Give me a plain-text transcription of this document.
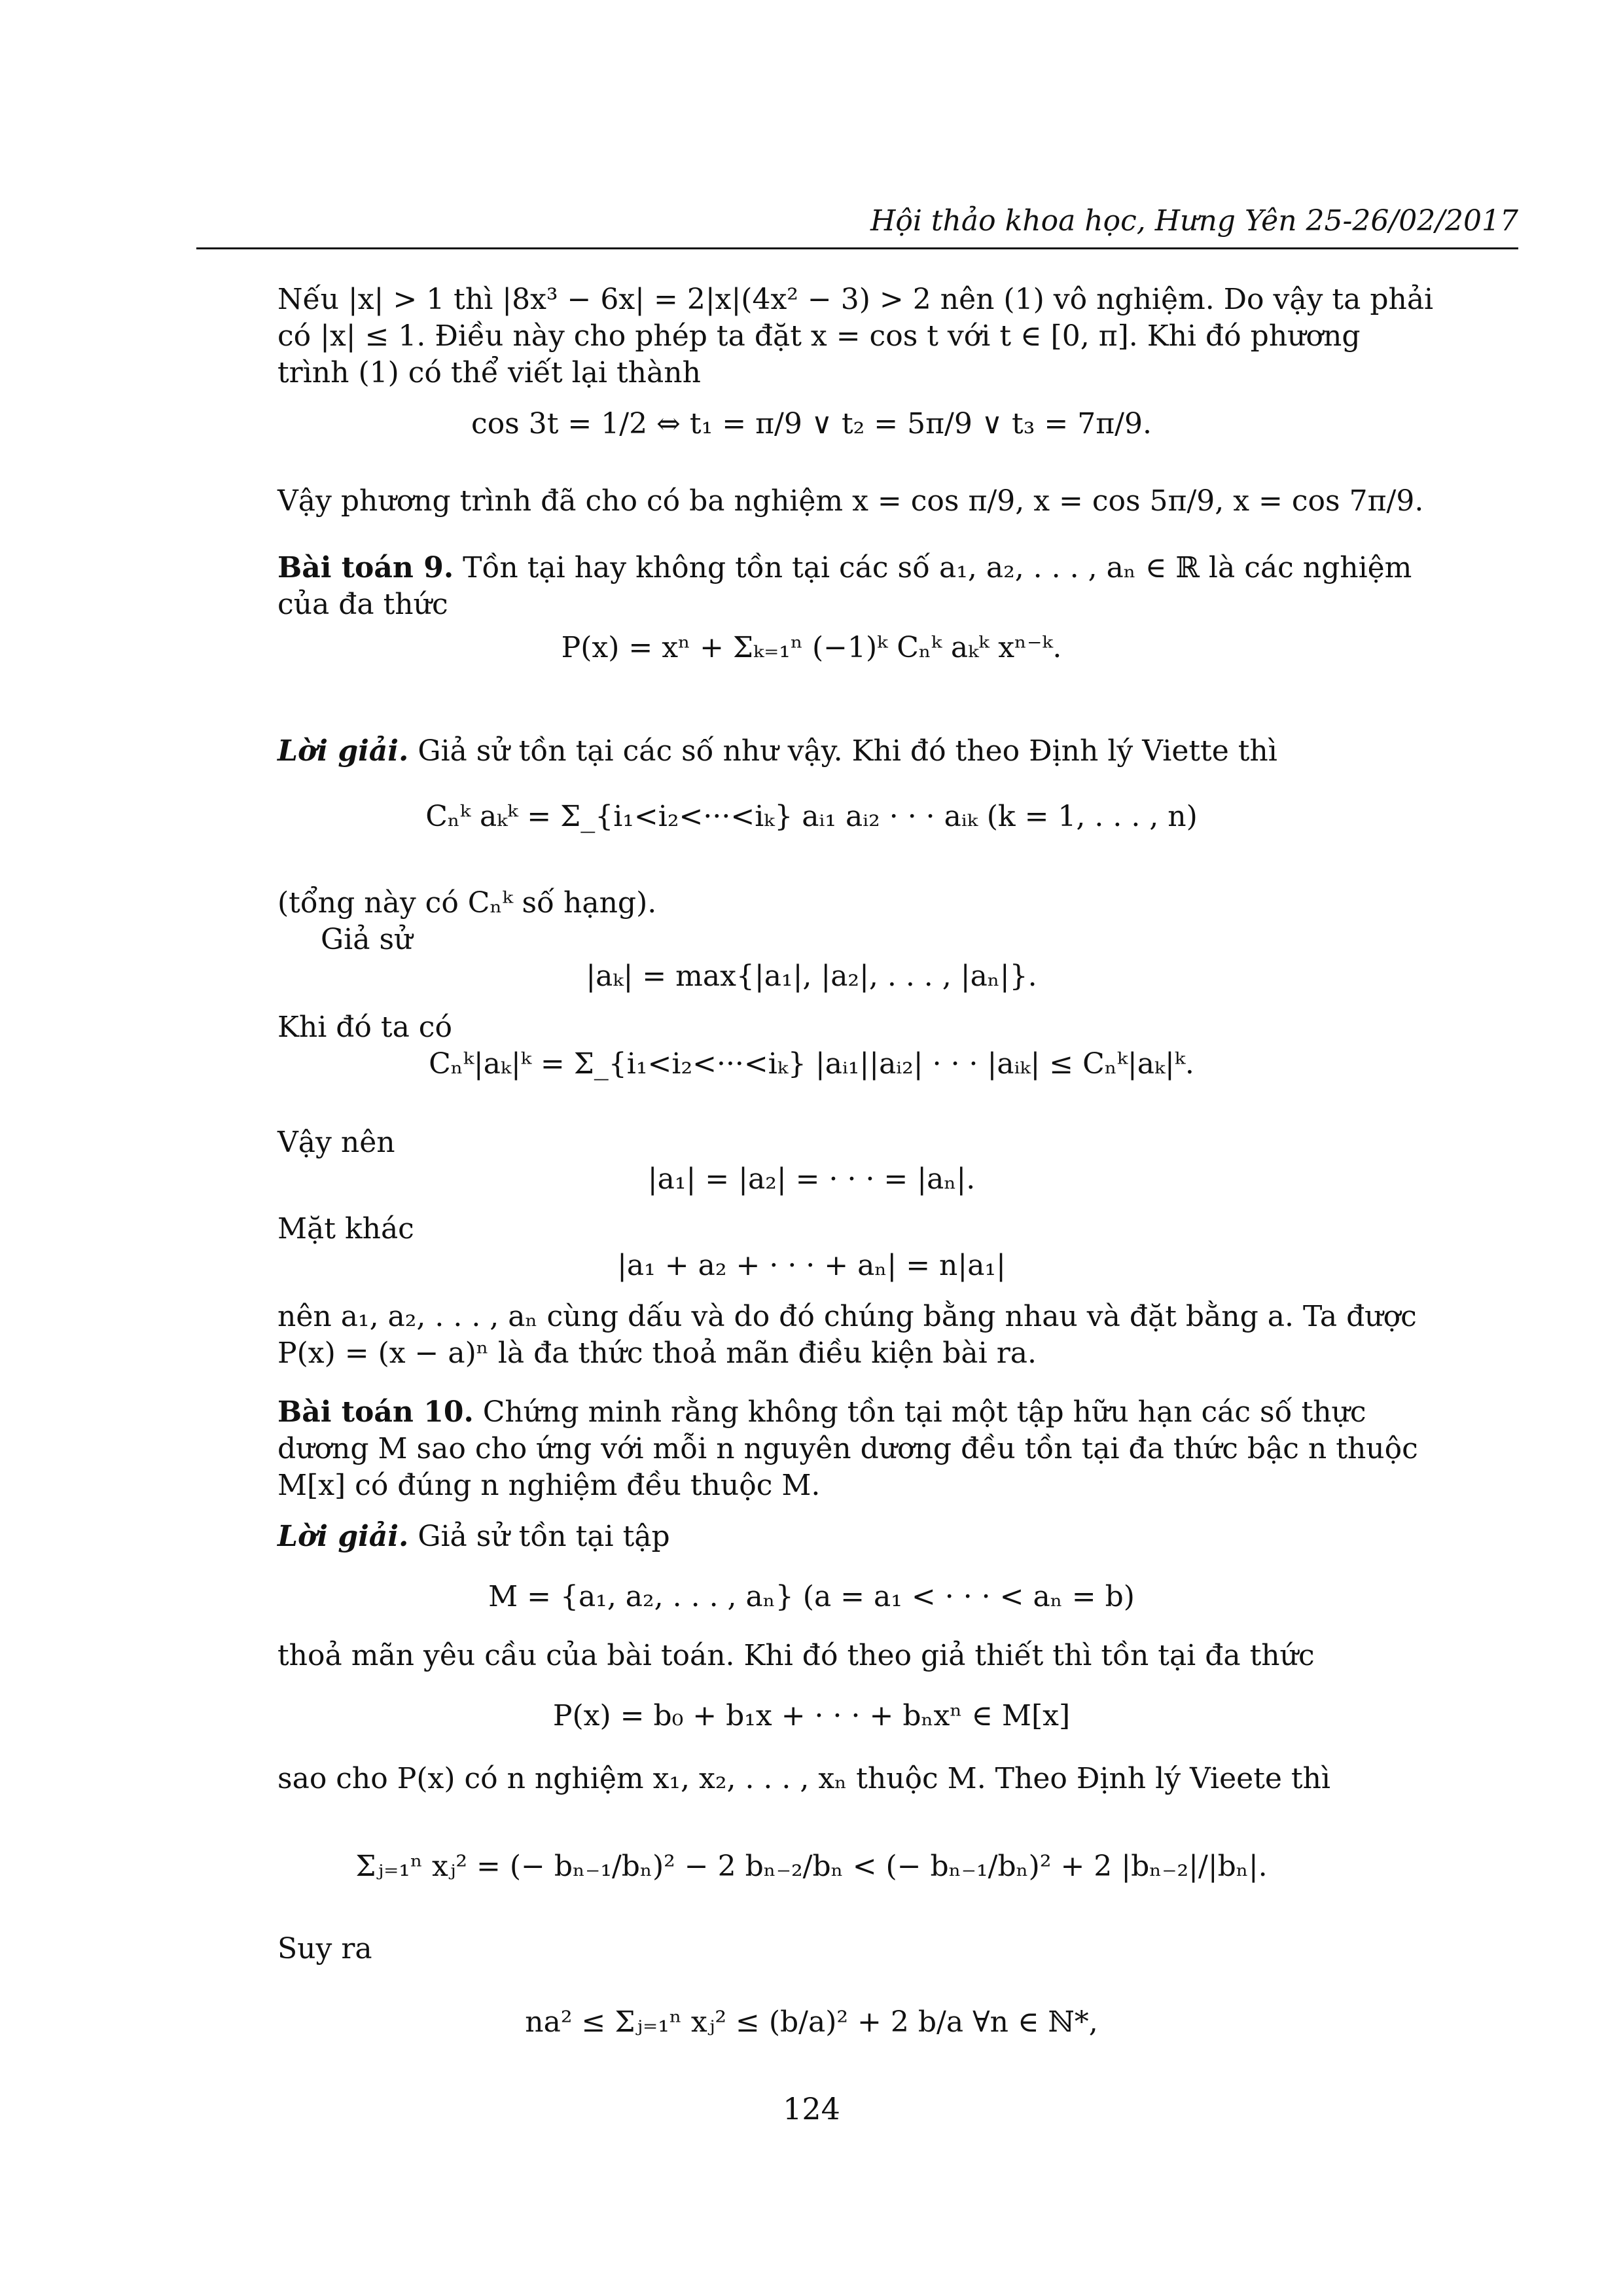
Hội thảo khoa học, Hưng Yên 25-26/02/2017
Nếu |x| > 1 thì |8x³ − 6x| = 2|x|(4x² − 3) > 2 nên (1) vô nghiệm. Do vậy ta phải có |x| ≤ 1. Điều này cho phép ta đặt x = cos t với t ∈ [0, π]. Khi đó phương trình (1) có thể viết lại thành
cos 3t = 1/2 ⇔ t₁ = π/9 ∨ t₂ = 5π/9 ∨ t₃ = 7π/9.
Vậy phương trình đã cho có ba nghiệm x = cos π/9, x = cos 5π/9, x = cos 7π/9.
Bài toán 9. Tồn tại hay không tồn tại các số a₁, a₂, . . . , aₙ ∈ ℝ là các nghiệm của đa thức
P(x) = xⁿ + Σₖ₌₁ⁿ (−1)ᵏ Cₙᵏ aₖᵏ xⁿ⁻ᵏ.
Lời giải. Giả sử tồn tại các số như vậy. Khi đó theo Định lý Viette thì
Cₙᵏ aₖᵏ = Σ_{i₁<i₂<···<iₖ} aᵢ₁ aᵢ₂ · · · aᵢₖ (k = 1, . . . , n)
(tổng này có Cₙᵏ số hạng).
Giả sử
|aₖ| = max{|a₁|, |a₂|, . . . , |aₙ|}.
Khi đó ta có
Cₙᵏ|aₖ|ᵏ = Σ_{i₁<i₂<···<iₖ} |aᵢ₁||aᵢ₂| · · · |aᵢₖ| ≤ Cₙᵏ|aₖ|ᵏ.
Vậy nên
|a₁| = |a₂| = · · · = |aₙ|.
Mặt khác
|a₁ + a₂ + · · · + aₙ| = n|a₁|
nên a₁, a₂, . . . , aₙ cùng dấu và do đó chúng bằng nhau và đặt bằng a. Ta được P(x) = (x − a)ⁿ là đa thức thoả mãn điều kiện bài ra.
Bài toán 10. Chứng minh rằng không tồn tại một tập hữu hạn các số thực dương M sao cho ứng với mỗi n nguyên dương đều tồn tại đa thức bậc n thuộc M[x] có đúng n nghiệm đều thuộc M.
Lời giải. Giả sử tồn tại tập
M = {a₁, a₂, . . . , aₙ} (a = a₁ < · · · < aₙ = b)
thoả mãn yêu cầu của bài toán. Khi đó theo giả thiết thì tồn tại đa thức
P(x) = b₀ + b₁x + · · · + bₙxⁿ ∈ M[x]
sao cho P(x) có n nghiệm x₁, x₂, . . . , xₙ thuộc M. Theo Định lý Vieete thì
Σⱼ₌₁ⁿ xⱼ² = (− bₙ₋₁/bₙ)² − 2 bₙ₋₂/bₙ < (− bₙ₋₁/bₙ)² + 2 |bₙ₋₂|/|bₙ|.
Suy ra
na² ≤ Σⱼ₌₁ⁿ xⱼ² ≤ (b/a)² + 2 b/a ∀n ∈ ℕ*,
124
